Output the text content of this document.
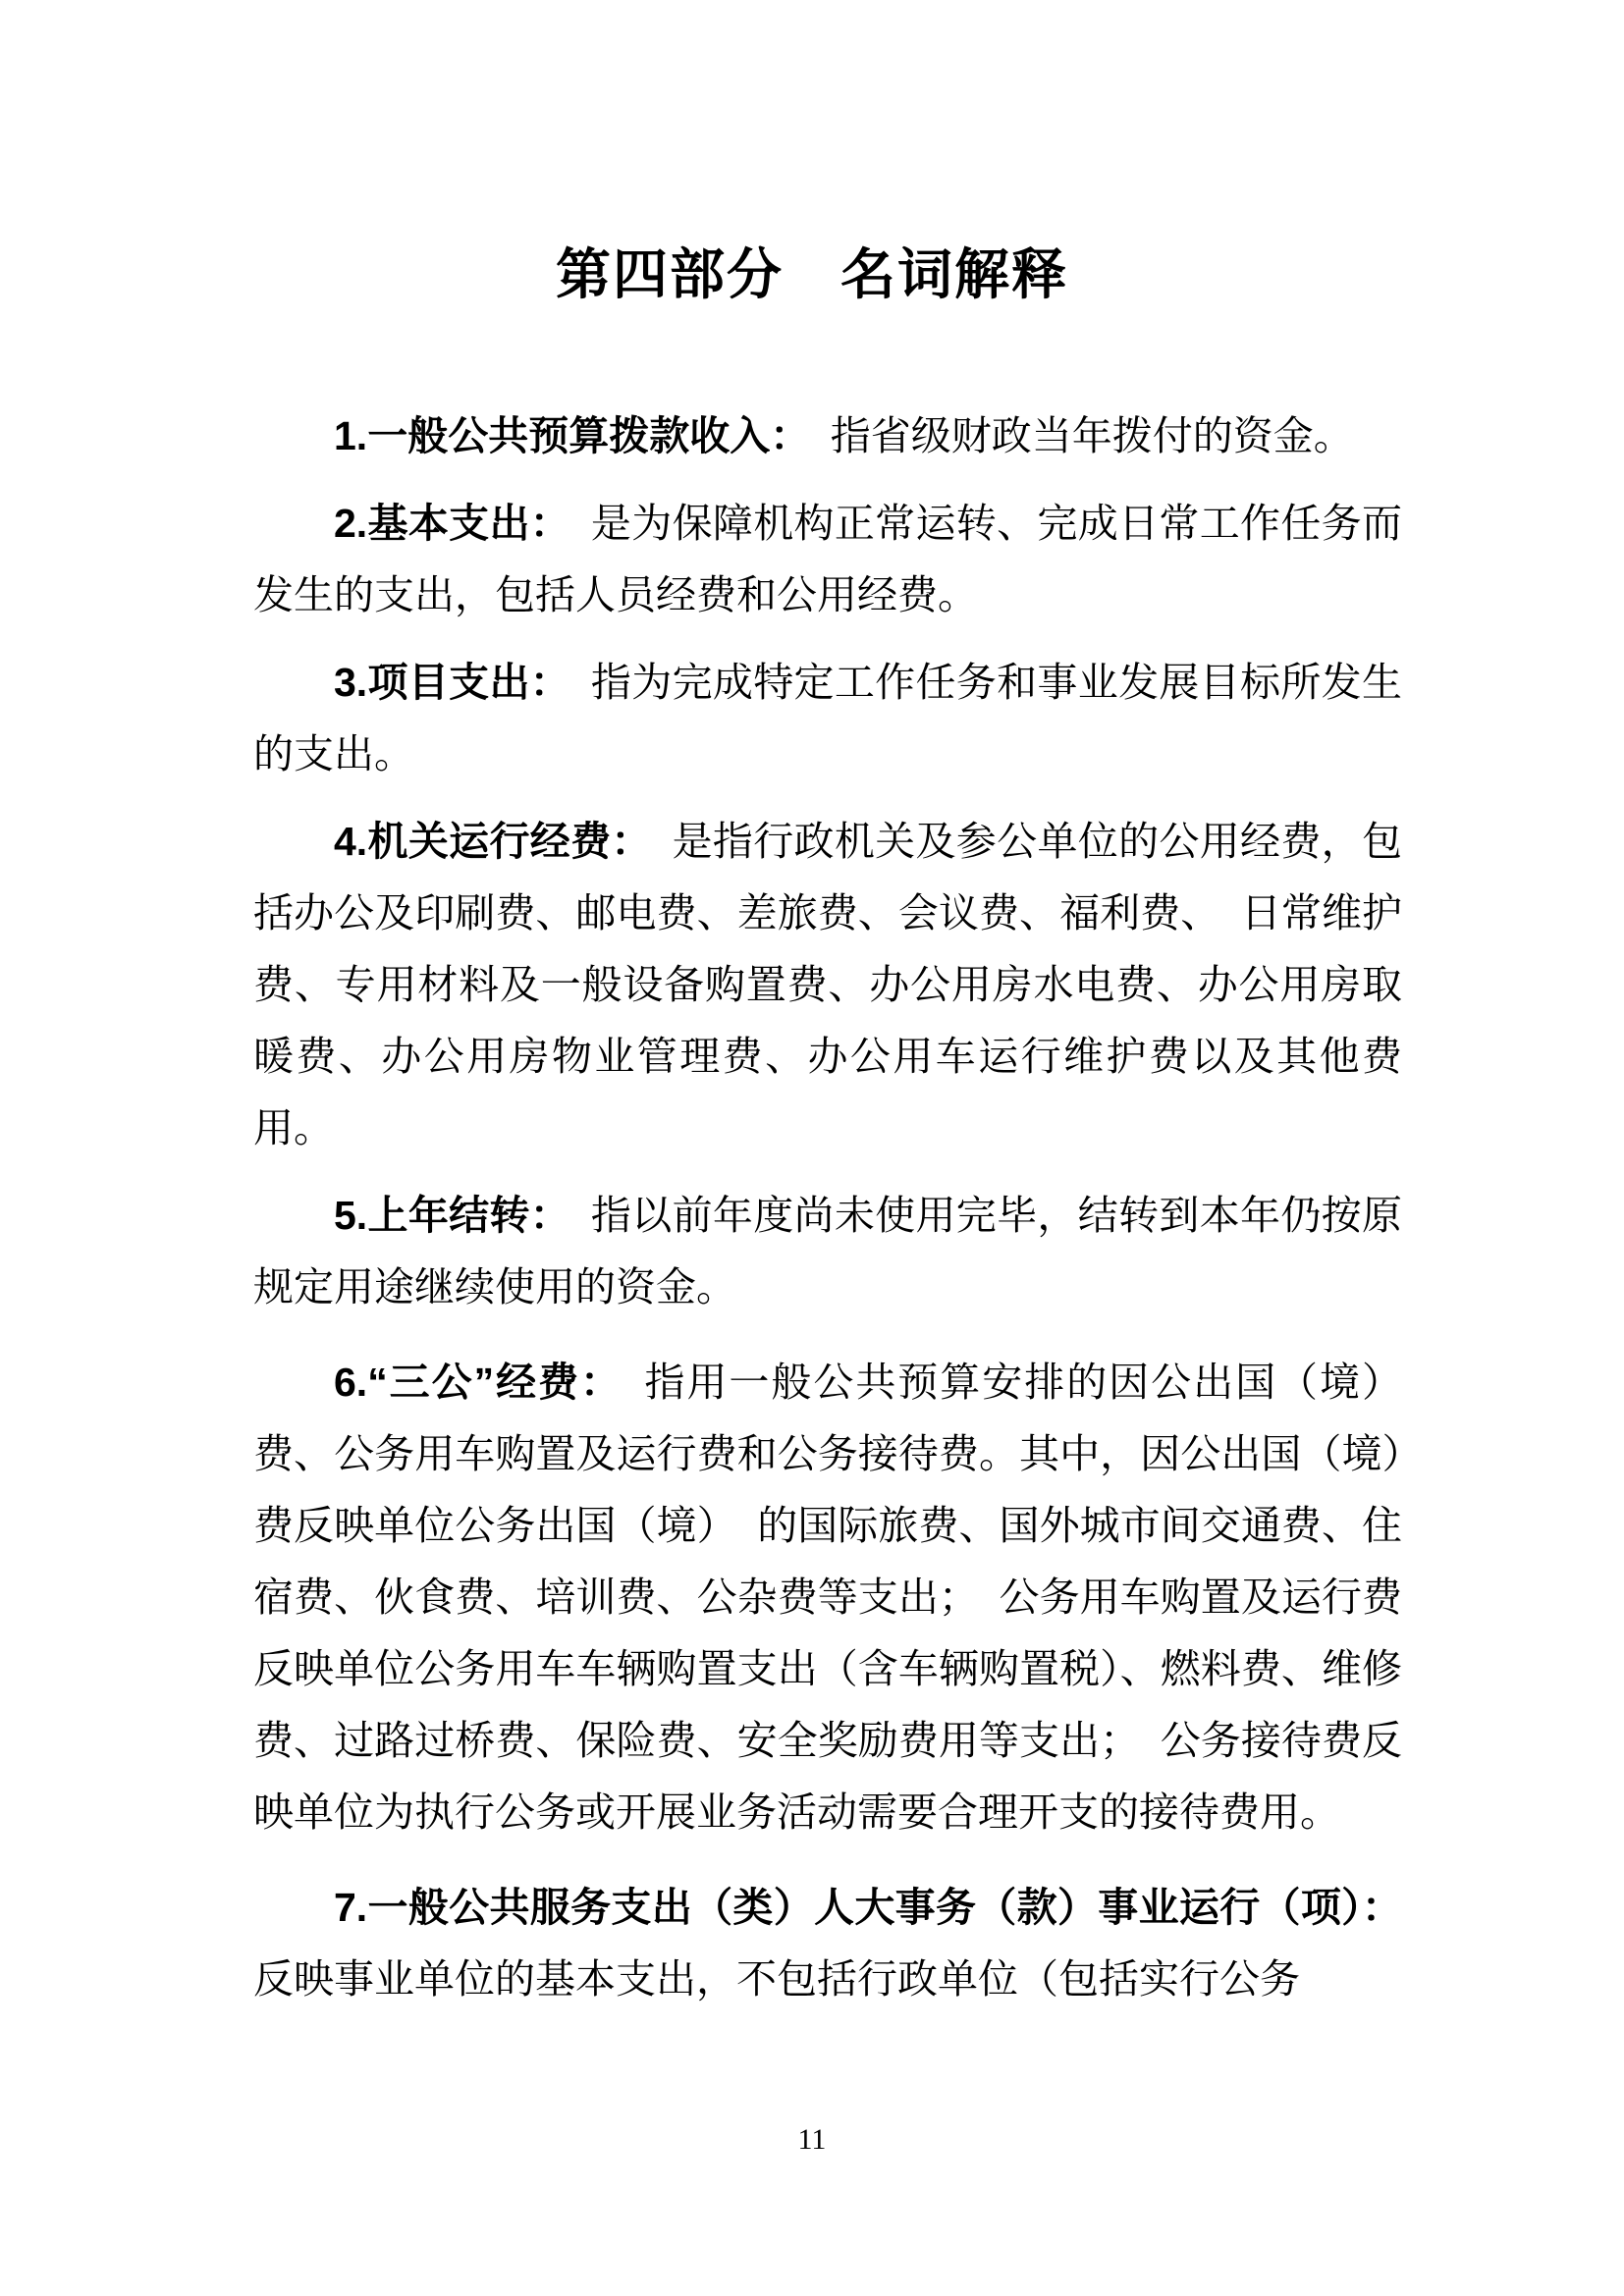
第四部分　名词解释

1.一般公共预算拨款收入：　指省级财政当年拨付的资金。

2.基本支出：　是为保障机构正常运转、完成日常工作任务而发生的支出，包括人员经费和公用经费。

3.项目支出：　指为完成特定工作任务和事业发展目标所发生的支出。

4.机关运行经费：　是指行政机关及参公单位的公用经费，包括办公及印刷费、邮电费、差旅费、会议费、福利费、　日常维护费、专用材料及一般设备购置费、办公用房水电费、办公用房取暖费、办公用房物业管理费、办公用车运行维护费以及其他费用。

5.上年结转：　指以前年度尚未使用完毕，结转到本年仍按原规定用途继续使用的资金。

6.“三公”经费：　指用一般公共预算安排的因公出国（境）费、公务用车购置及运行费和公务接待费。其中，因公出国（境）　费反映单位公务出国（境）　的国际旅费、国外城市间交通费、住宿费、伙食费、培训费、公杂费等支出；　公务用车购置及运行费反映单位公务用车车辆购置支出（含车辆购置税）、燃料费、维修费、过路过桥费、保险费、安全奖励费用等支出；　公务接待费反映单位为执行公务或开展业务活动需要合理开支的接待费用。

7.一般公共服务支出（类）人大事务（款）事业运行（项）：反映事业单位的基本支出，不包括行政单位（包括实行公务

11
